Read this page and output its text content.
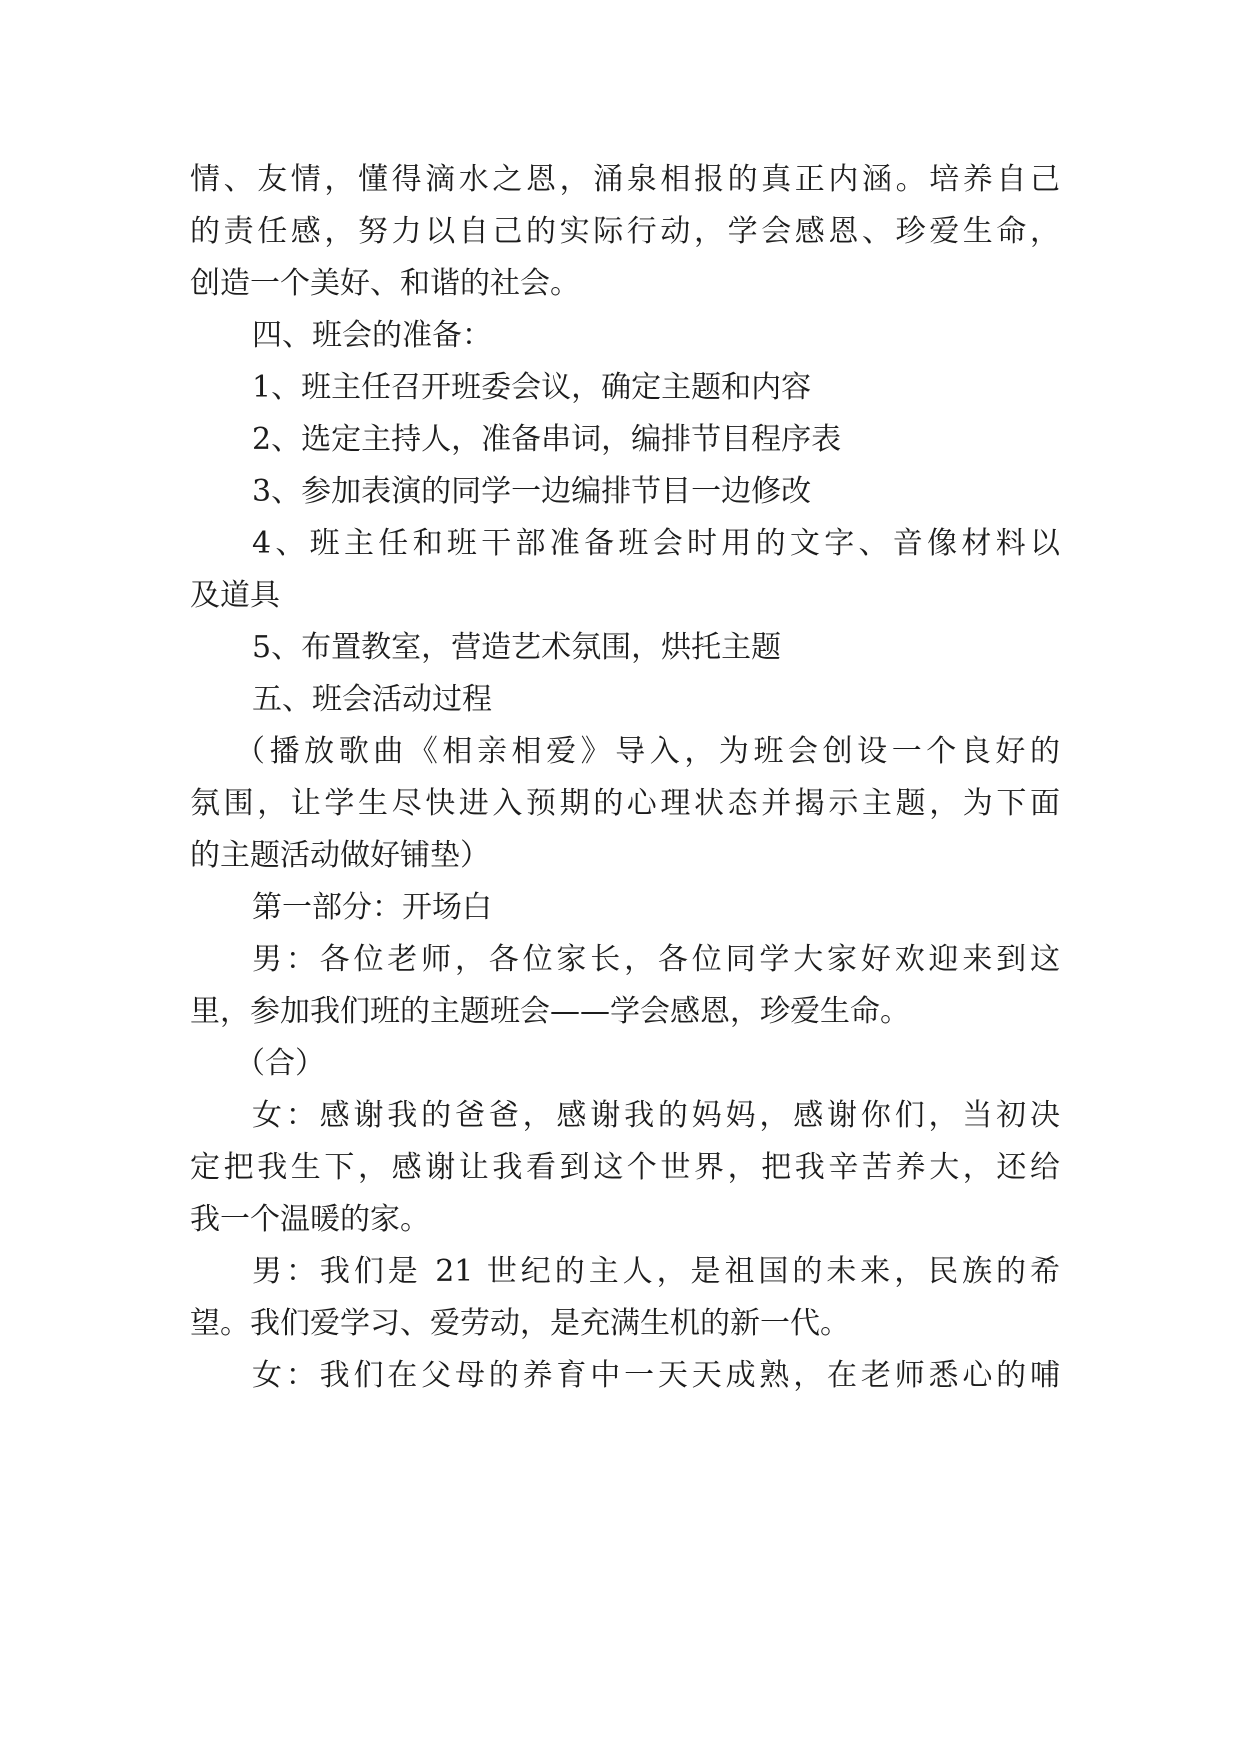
情、友情，懂得滴水之恩，涌泉相报的真正内涵。培养自己
的责任感，努力以自己的实际行动，学会感恩、珍爱生命，
创造一个美好、和谐的社会。
四、班会的准备：
1、班主任召开班委会议，确定主题和内容
2、选定主持人，准备串词，编排节目程序表
3、参加表演的同学一边编排节目一边修改
4、班主任和班干部准备班会时用的文字、音像材料以
及道具
5、布置教室，营造艺术氛围，烘托主题
五、班会活动过程
（播放歌曲《相亲相爱》导入，为班会创设一个良好的
氛围，让学生尽快进入预期的心理状态并揭示主题，为下面
的主题活动做好铺垫）
第一部分：开场白
男：各位老师，各位家长，各位同学大家好欢迎来到这
里，参加我们班的主题班会——学会感恩，珍爱生命。
（合）
女：感谢我的爸爸，感谢我的妈妈，感谢你们，当初决
定把我生下，感谢让我看到这个世界，把我辛苦养大，还给
我一个温暖的家。
男：我们是 21 世纪的主人，是祖国的未来，民族的希
望。我们爱学习、爱劳动，是充满生机的新一代。
女：我们在父母的养育中一天天成熟，在老师悉心的哺
